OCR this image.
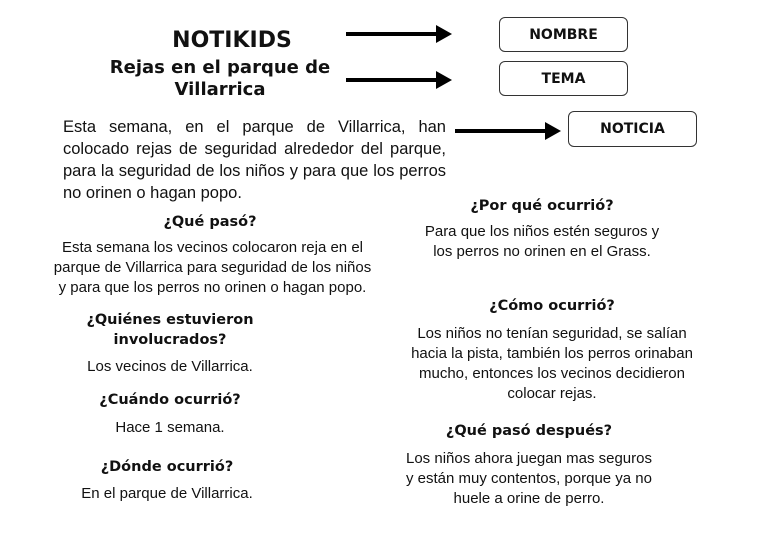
NOTIKIDS
Rejas en el parque de
Villarrica
Esta semana, en el parque de Villarrica, han colocado rejas de seguridad alrededor del parque, para la seguridad de los niños y para que los perros no orinen o hagan popo.
NOMBRE
TEMA
NOTICIA
¿Qué pasó?
Esta semana los vecinos colocaron reja en el
parque de Villarrica para seguridad de los niños
y para que los perros no orinen o hagan popo.
¿Quiénes estuvieron
involucrados?
Los vecinos de Villarrica.
¿Cuándo ocurrió?
Hace 1 semana.
¿Dónde ocurrió?
En el parque de Villarrica.
¿Por qué ocurrió?
Para que los niños estén seguros y
los perros no orinen en el Grass.
¿Cómo ocurrió?
Los niños no tenían seguridad, se salían
hacia la pista, también los perros orinaban
mucho, entonces los vecinos decidieron
colocar rejas.
¿Qué pasó después?
Los niños ahora juegan mas seguros
y están muy contentos, porque ya no
huele a orine de perro.
